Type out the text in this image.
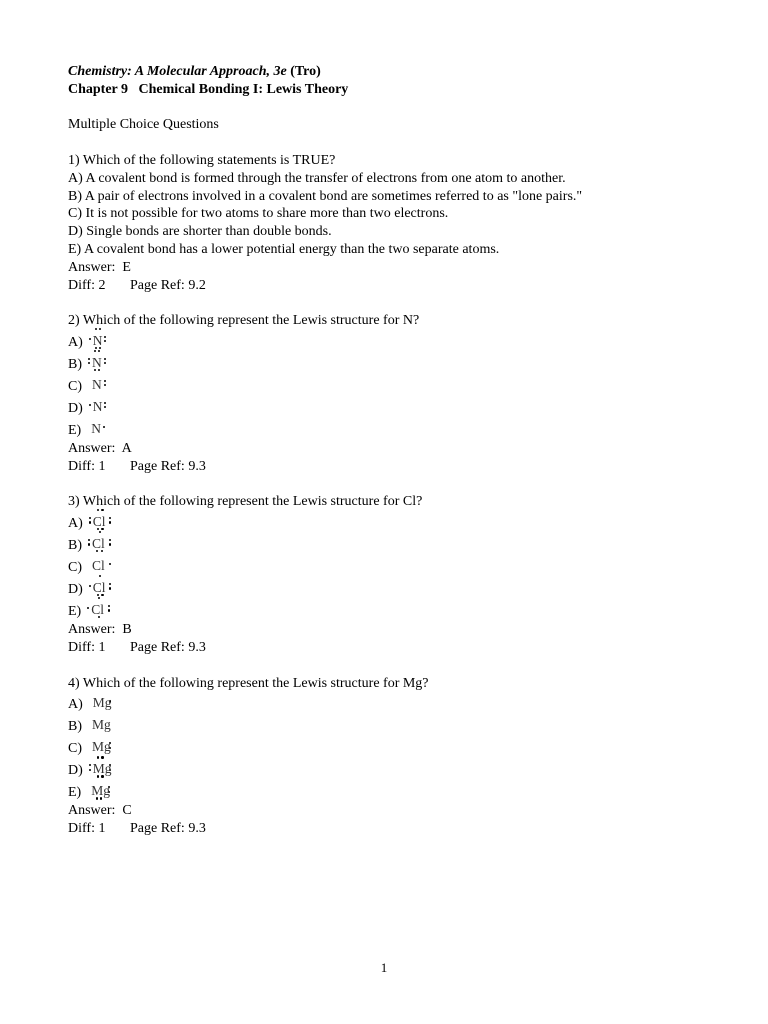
Chemistry: A Molecular Approach, 3e (Tro)
Chapter 9   Chemical Bonding I: Lewis Theory
Multiple Choice Questions
1) Which of the following statements is TRUE?
A) A covalent bond is formed through the transfer of electrons from one atom to another.
B) A pair of electrons involved in a covalent bond are sometimes referred to as "lone pairs."
C) It is not possible for two atoms to share more than two electrons.
D) Single bonds are shorter than double bonds.
E) A covalent bond has a lower potential energy than the two separate atoms.
Answer:  E
Diff: 2 Page Ref: 9.2
2) Which of the following represent the Lewis structure for N?
A) N
B) N
C) N
D) N
E) N
Answer:  A
Diff: 1 Page Ref: 9.3
3) Which of the following represent the Lewis structure for Cl?
A) Cl
B) Cl
C) Cl
D) Cl
E) Cl
Answer:  B
Diff: 1 Page Ref: 9.3
4) Which of the following represent the Lewis structure for Mg?
A) Mg
B) Mg
C) Mg
D) Mg
E) Mg
Answer:  C
Diff: 1 Page Ref: 9.3
1
